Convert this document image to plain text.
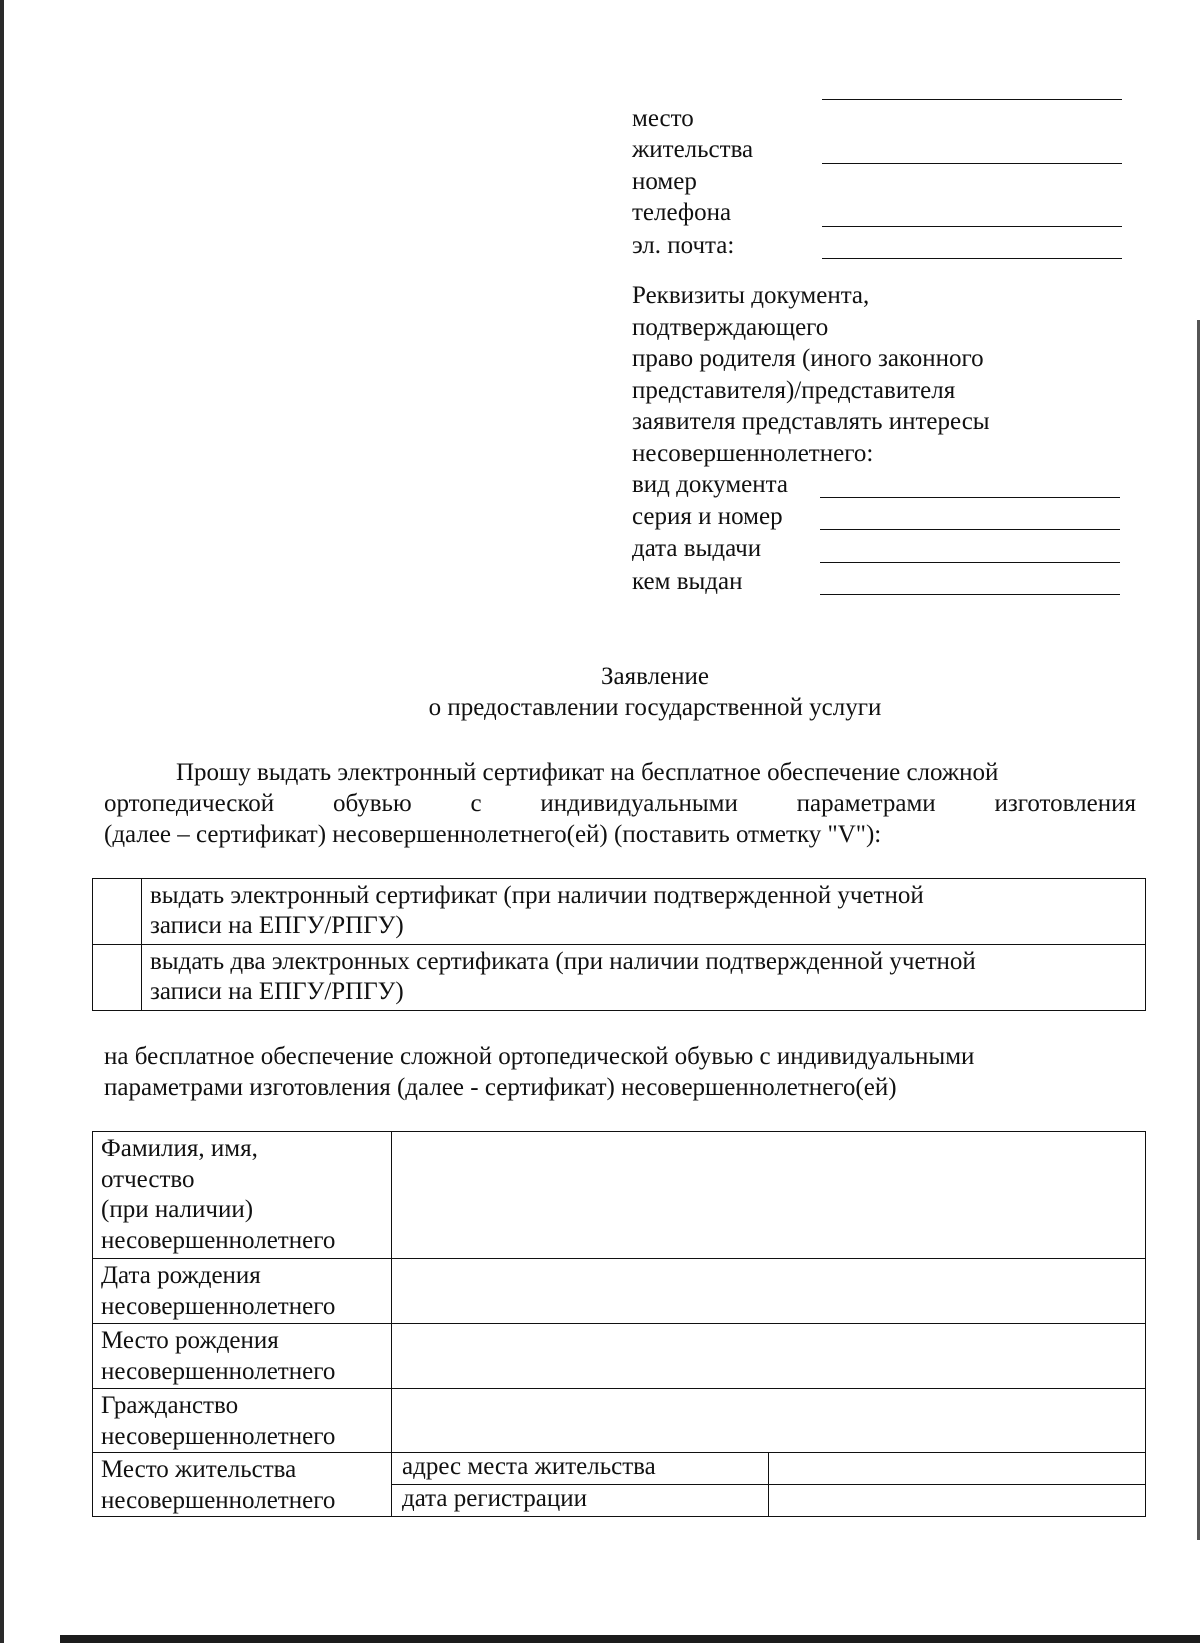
место
жительства
номер
телефона
эл. почта:
Реквизиты документа,
подтверждающего
право родителя (иного законного
представителя)/представителя
заявителя представлять интересы
несовершеннолетнего:
вид документа
серия и номер
дата выдачи
кем выдан
Заявление
о предоставлении государственной услуги
Прошу выдать электронный сертификат на бесплатное обеспечение сложной
ортопедической обувью с индивидуальными параметрами изготовления
(далее – сертификат) несовершеннолетнего(ей) (поставить отметку "V"):

	выдать электронный сертификат (при наличии подтвержденной учетной
записи на ЕПГУ/РПГУ)

	выдать два электронных сертификата (при наличии подтвержденной учетной
записи на ЕПГУ/РПГУ)
на бесплатное обеспечение сложной ортопедической обувью с индивидуальными
параметрами изготовления (далее - сертификат) несовершеннолетнего(ей)
Фамилия, имя,
отчество
(при наличии)
несовершеннолетнего		

Дата рождения
несовершеннолетнего		

Место рождения
несовершеннолетнего		

Гражданство
несовершеннолетнего		

Место жительства
несовершеннолетнего	адрес места жительства	
	дата регистрации	
